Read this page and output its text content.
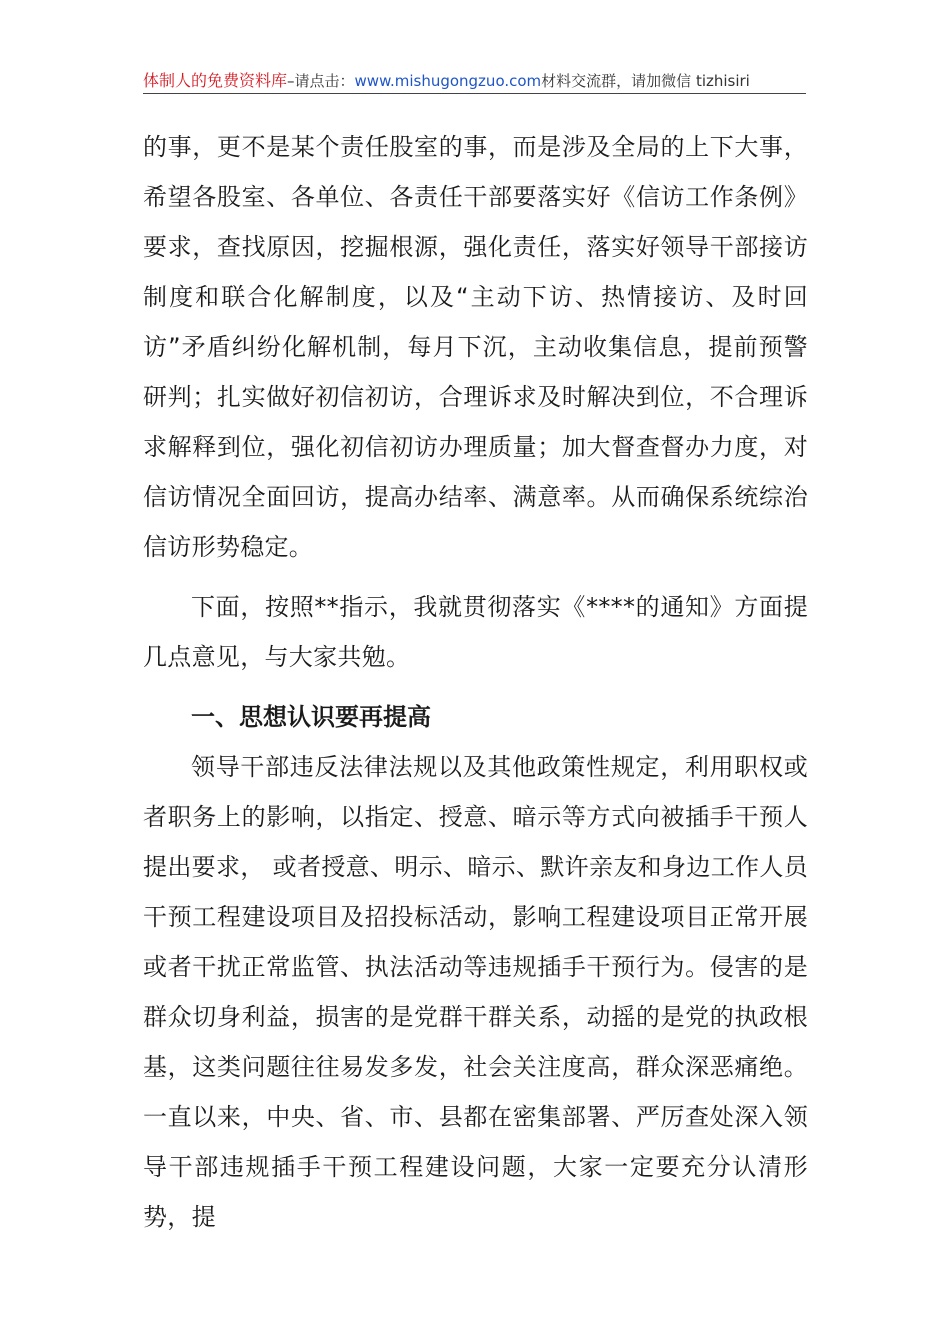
体制人的免费资料库–请点击：www.mishugongzuo.com材料交流群，请加微信 tizhisiri

的事，更不是某个责任股室的事，而是涉及全局的上下大事，希望各股室、各单位、各责任干部要落实好《信访工作条例》要求，查找原因，挖掘根源，强化责任，落实好领导干部接访制度和联合化解制度，以及“主动下访、热情接访、及时回访”矛盾纠纷化解机制，每月下沉，主动收集信息，提前预警研判；扎实做好初信初访，合理诉求及时解决到位，不合理诉求解释到位，强化初信初访办理质量；加大督查督办力度，对信访情况全面回访，提高办结率、满意率。从而确保系统综治信访形势稳定。

下面，按照**指示，我就贯彻落实《****的通知》方面提几点意见，与大家共勉。

一、思想认识要再提高

领导干部违反法律法规以及其他政策性规定，利用职权或者职务上的影响，以指定、授意、暗示等方式向被插手干预人提出要求， 或者授意、明示、暗示、默许亲友和身边工作人员干预工程建设项目及招投标活动，影响工程建设项目正常开展或者干扰正常监管、执法活动等违规插手干预行为。侵害的是群众切身利益，损害的是党群干群关系，动摇的是党的执政根基，这类问题往往易发多发，社会关注度高，群众深恶痛绝。一直以来，中央、省、市、县都在密集部署、严厉查处深入领导干部违规插手干预工程建设问题，大家一定要充分认清形势，提
